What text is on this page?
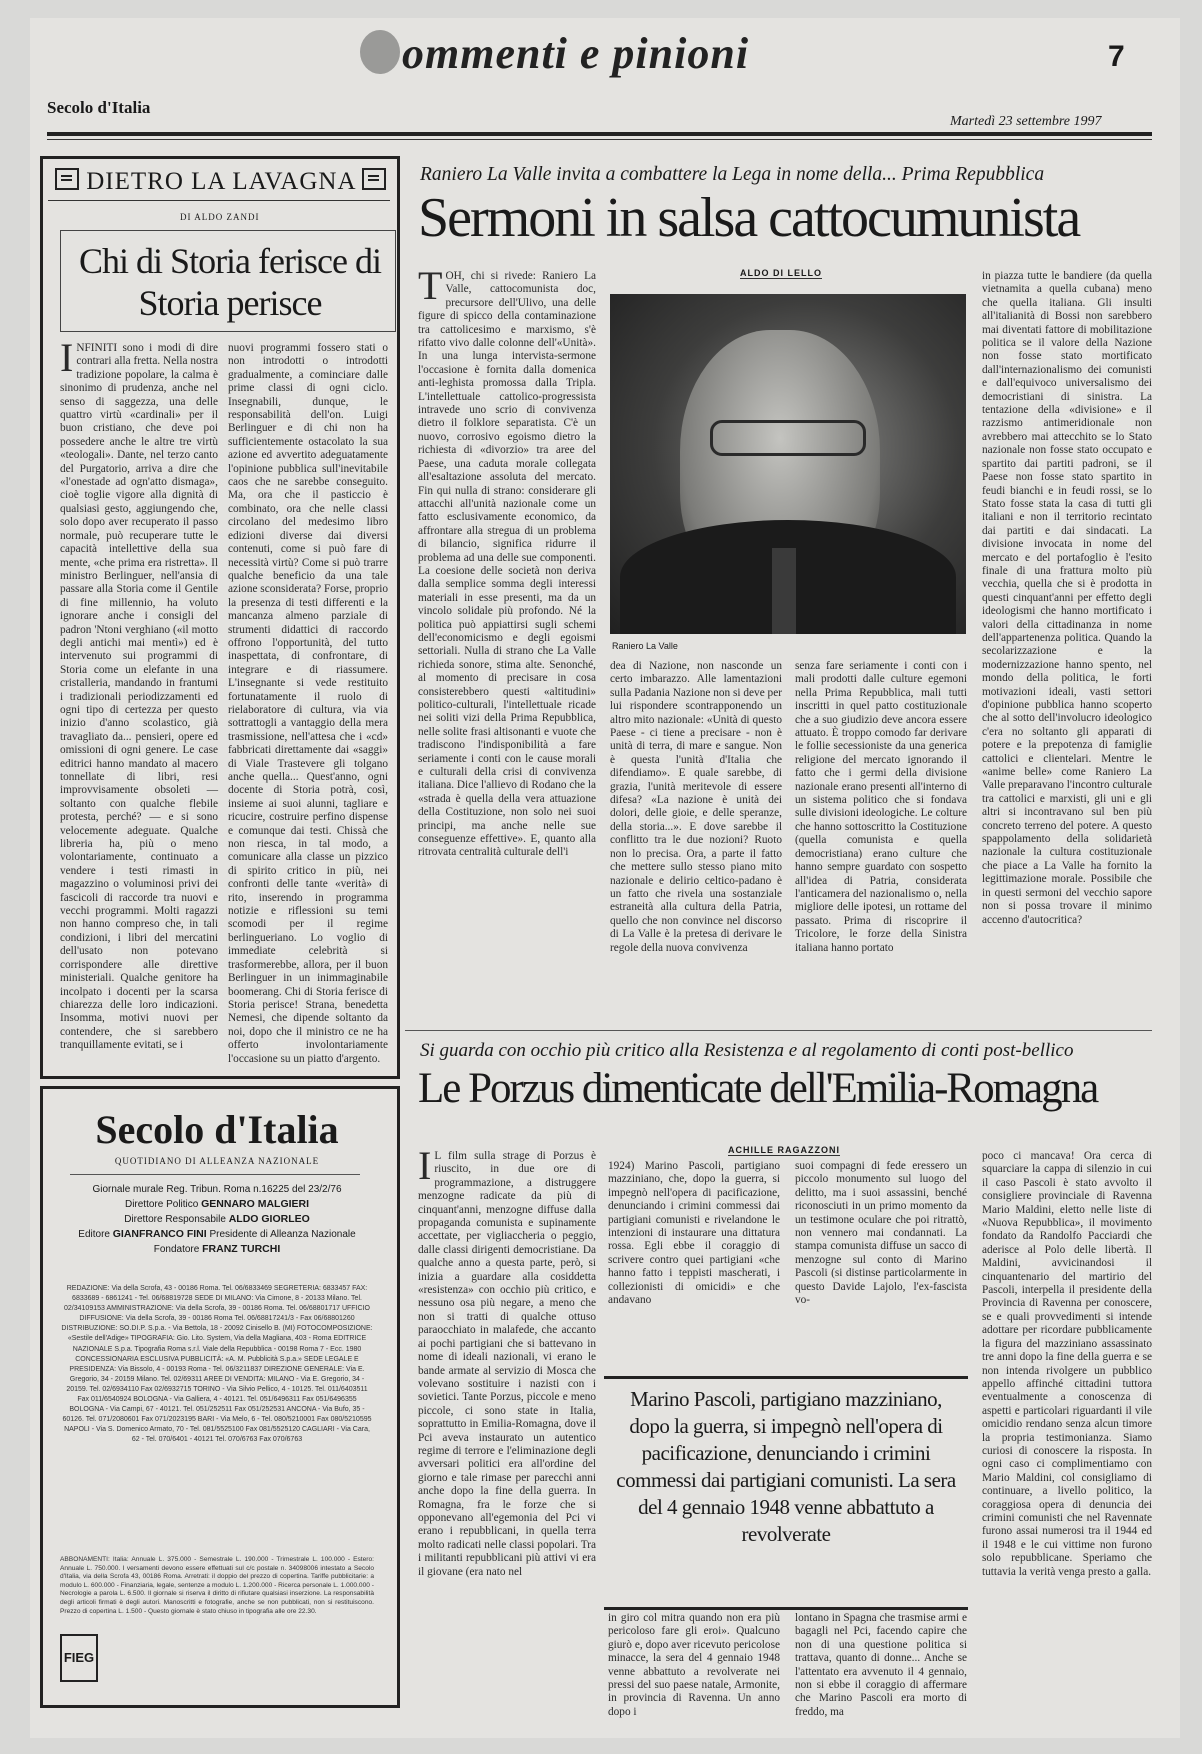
ommenti e pinioni	7
Secolo d'Italia
Martedì 23 settembre 1997
DIETRO LA LAVAGNA
DI ALDO ZANDI
Chi di Storia ferisce di Storia perisce
INFINITI sono i modi di dire contrari alla fretta. Nella nostra tradizione popolare, la calma è sinonimo di prudenza, anche nel senso di saggezza, una delle quattro virtù «cardinali» per il buon cristiano, che deve poi possedere anche le altre tre virtù «teologali». Dante, nel terzo canto del Purgatorio, arriva a dire che «l'onestade ad ogn'atto dismaga», cioè toglie vigore alla dignità di qualsiasi gesto, aggiungendo che, solo dopo aver recuperato il passo normale, può recuperare tutte le capacità intellettive della sua mente, «che prima era ristretta». Il ministro Berlinguer, nell'ansia di passare alla Storia come il Gentile di fine millennio, ha voluto ignorare anche i consigli del padron 'Ntoni verghiano («il motto degli antichi mai mentì») ed è intervenuto sui programmi di Storia come un elefante in una cristalleria, mandando in frantumi i tradizionali periodizzamenti ed ogni tipo di certezza per questo inizio d'anno scolastico, già travagliato da... pensieri, opere ed omissioni di ogni genere. Le case editrici hanno mandato al macero tonnellate di libri, resi improvvisamente obsoleti — soltanto con qualche flebile protesta, perché? — e si sono velocemente adeguate. Qualche libreria ha, più o meno volontariamente, continuato a vendere i testi rimasti in magazzino o voluminosi privi dei fascicoli di raccorde tra nuovi e vecchi programmi. Molti ragazzi non hanno compreso che, in tali condizioni, i libri del mercatini dell'usato non potevano corrispondere alle direttive ministeriali. Qualche genitore ha incolpato i docenti per la scarsa chiarezza delle loro indicazioni. Insomma, motivi nuovi per contendere, che si sarebbero tranquillamente evitati, se i
nuovi programmi fossero stati o non introdotti o introdotti gradualmente, a cominciare dalle prime classi di ogni ciclo. Insegnabili, dunque, le responsabilità dell'on. Luigi Berlinguer e di chi non ha sufficientemente ostacolato la sua azione ed avvertito adeguatamente l'opinione pubblica sull'inevitabile caos che ne sarebbe conseguito. Ma, ora che il pasticcio è combinato, ora che nelle classi circolano del medesimo libro edizioni diverse dai diversi contenuti, come si può fare di necessità virtù? Come si può trarre qualche beneficio da una tale azione sconsiderata? Forse, proprio la presenza di testi differenti e la mancanza almeno parziale di strumenti didattici di raccordo offrono l'opportunità, del tutto inaspettata, di confrontare, di integrare e di riassumere. L'insegnante si vede restituito fortunatamente il ruolo di rielaboratore di cultura, via via sottrattogli a vantaggio della mera trasmissione, nell'attesa che i «cd» fabbricati direttamente dai «saggi» di Viale Trastevere gli tolgano anche quella... Quest'anno, ogni docente di Storia potrà, così, insieme ai suoi alunni, tagliare e ricucire, costruire perfino dispense e comunque dai testi. Chissà che non riesca, in tal modo, a comunicare alla classe un pizzico di spirito critico in più, nei confronti delle tante «verità» di rito, inserendo in programma notizie e riflessioni su temi scomodi per il regime berlingueriano. Lo voglio di immediate celebrità si trasformerebbe, allora, per il buon Berlinguer in un inimmaginabile boomerang. Chi di Storia ferisce di Storia perisce! Strana, benedetta Nemesi, che dipende soltanto da noi, dopo che il ministro ce ne ha offerto involontariamente l'occasione su un piatto d'argento.
Secolo d'Italia
QUOTIDIANO DI ALLEANZA NAZIONALE
Giornale murale Reg. Tribun. Roma n.16225 del 23/2/76
Direttore Politico GENNARO MALGIERI
Direttore Responsabile ALDO GIORLEO
Editore GIANFRANCO FINI Presidente di Alleanza Nazionale
Fondatore FRANZ TURCHI
REDAZIONE: Via della Scrofa, 43 - 00186 Roma. Tel. 06/6833469 SEGRETERIA: 6833457 FAX: 6833689 - 6861241 - Tel. 06/68819728 SEDE DI MILANO: Via Cimone, 8 - 20133 Milano. Tel. 02/34109153 AMMINISTRAZIONE: Via della Scrofa, 39 - 00186 Roma. Tel. 06/68801717 UFFICIO DIFFUSIONE: Via della Scrofa, 39 - 00186 Roma Tel. 06/68817241/3 - Fax 06/68801260 DISTRIBUZIONE: SO.DI.P. S.p.a. - Via Bettola, 18 - 20092 Cinisello B. (MI) FOTOCOMPOSIZIONE: «Sestile dell'Adige» TIPOGRAFIA: Gio. Lito. System, Via della Magliana, 403 - Roma EDITRICE NAZIONALE S.p.a. Tipografia Roma s.r.l. Viale della Repubblica - 00198 Roma 7 - Ecc. 1980 CONCESSIONARIA ESCLUSIVA PUBBLICITÀ: «A. M. Pubblicità S.p.a.» SEDE LEGALE E PRESIDENZA: Via Bissolo, 4 - 00193 Roma - Tel. 06/3211837 DIREZIONE GENERALE: Via E. Gregorio, 34 - 20159 Milano. Tel. 02/69311 AREE DI VENDITA: MILANO - Via E. Gregorio, 34 - 20159. Tel. 02/6934110 Fax 02/6932715 TORINO - Via Silvio Pellico, 4 - 10125. Tel. 011/6403511 Fax 011/6540924 BOLOGNA - Via Galliera, 4 - 40121. Tel. 051/6496311 Fax 051/6496355 BOLOGNA - Via Campi, 67 - 40121. Tel. 051/252511 Fax 051/252531 ANCONA - Via Bufo, 35 - 60126. Tel. 071/2080601 Fax 071/2023195 BARI - Via Melo, 6 - Tel. 080/5210001 Fax 080/5210595 NAPOLI - Via S. Domenico Armato, 70 - Tel. 081/5525100 Fax 081/5525120 CAGLIARI - Via Cara, 62 - Tel. 070/6401 - 40121 Tel. 070/6763 Fax 070/6763
ABBONAMENTI: Italia: Annuale L. 375.000 - Semestrale L. 190.000 - Trimestrale L. 100.000 - Estero: Annuale L. 750.000. I versamenti devono essere effettuati sul c/c postale n. 34098006 intestato a Secolo d'Italia, via della Scrofa 43, 00186 Roma. Arretrati: il doppio del prezzo di copertina. Tariffe pubblicitarie: a modulo L. 600.000 - Finanziaria, legale, sentenze a modulo L. 1.200.000 - Ricerca personale L. 1.000.000 - Necrologie a parola L. 6.500. Il giornale si riserva il diritto di rifiutare qualsiasi inserzione. La responsabilità degli articoli firmati è degli autori. Manoscritti e fotografie, anche se non pubblicati, non si restituiscono. Prezzo di copertina L. 1.500 - Questo giornale è stato chiuso in tipografia alle ore 22.30.
FIEG
Raniero La Valle invita a combattere la Lega in nome della... Prima Repubblica
Sermoni in salsa cattocumunista
ALDO DI LELLO
Raniero La Valle
TOH, chi si rivede: Raniero La Valle, cattocomunista doc, precursore dell'Ulivo, una delle figure di spicco della contaminazione tra cattolicesimo e marxismo, s'è rifatto vivo dalle colonne dell'«Unità». In una lunga intervista-sermone l'occasione è fornita dalla domenica anti-leghista promossa dalla Tripla. L'intellettuale cattolico-progressista intravede uno scrio di convivenza dietro il folklore separatista. C'è un nuovo, corrosivo egoismo dietro la richiesta di «divorzio» tra aree del Paese, una caduta morale collegata all'esaltazione assoluta del mercato. Fin qui nulla di strano: considerare gli attacchi all'unità nazionale come un fatto esclusivamente economico, da affrontare alla stregua di un problema di bilancio, significa ridurre il problema ad una delle sue componenti. La coesione delle società non deriva dalla semplice somma degli interessi materiali in esse presenti, ma da un vincolo solidale più profondo. Né la politica può appiattirsi sugli schemi dell'economicismo e degli egoismi settoriali. Nulla di strano che La Valle richieda sonore, stima alte. Senonché, al momento di precisare in cosa consisterebbero questi «altitudini» politico-culturali, l'intellettuale ricade nei soliti vizi della Prima Repubblica, nelle solite frasi altisonanti e vuote che tradiscono l'indisponibilità a fare seriamente i conti con le cause morali e culturali della crisi di convivenza italiana. Dice l'allievo di Rodano che la «strada è quella della vera attuazione della Costituzione, non solo nei suoi principi, ma anche nelle sue conseguenze effettive». E, quanto alla ritrovata centralità culturale dell'i
dea di Nazione, non nasconde un certo imbarazzo. Alle lamentazioni sulla Padania Nazione non si deve per lui rispondere scontrapponendo un altro mito nazionale: «Unità di questo Paese - ci tiene a precisare - non è unità di terra, di mare e sangue. Non è questa l'unità d'Italia che difendiamo». E quale sarebbe, di grazia, l'unità meritevole di essere difesa? «La nazione è unità dei dolori, delle gioie, e delle speranze, della storia...». E dove sarebbe il conflitto tra le due nozioni? Ruoto non lo precisa. Ora, a parte il fatto che mettere sullo stesso piano mito nazionale e delirio celtico-padano è un fatto che rivela una sostanziale estraneità alla cultura della Patria, quello che non convince nel discorso di La Valle è la pretesa di derivare le regole della nuova convivenza
senza fare seriamente i conti con i mali prodotti dalle culture egemoni nella Prima Repubblica, mali tutti inscritti in quel patto costituzionale che a suo giudizio deve ancora essere attuato. È troppo comodo far derivare le follie secessioniste da una generica religione del mercato ignorando il fatto che i germi della divisione nazionale erano presenti all'interno di un sistema politico che si fondava sulle divisioni ideologiche. Le colture che hanno sottoscritto la Costituzione (quella comunista e quella democristiana) erano culture che hanno sempre guardato con sospetto all'idea di Patria, considerata l'anticamera del nazionalismo o, nella migliore delle ipotesi, un rottame del passato. Prima di riscoprire il Tricolore, le forze della Sinistra italiana hanno portato
in piazza tutte le bandiere (da quella vietnamita a quella cubana) meno che quella italiana. Gli insulti all'italianità di Bossi non sarebbero mai diventati fattore di mobilitazione politica se il valore della Nazione non fosse stato mortificato dall'internazionalismo dei comunisti e dall'equivoco universalismo dei democristiani di sinistra. La tentazione della «divisione» e il razzismo antimeridionale non avrebbero mai attecchito se lo Stato nazionale non fosse stato occupato e spartito dai partiti padroni, se il Paese non fosse stato spartito in feudi bianchi e in feudi rossi, se lo Stato fosse stata la casa di tutti gli italiani e non il territorio recintato dai partiti e dai sindacati. La divisione invocata in nome del mercato e del portafoglio è l'esito finale di una frattura molto più vecchia, quella che si è prodotta in questi cinquant'anni per effetto degli ideologismi che hanno mortificato i valori della cittadinanza in nome dell'appartenenza politica. Quando la secolarizzazione e la modernizzazione hanno spento, nel mondo della politica, le forti motivazioni ideali, vasti settori d'opinione pubblica hanno scoperto che al sotto dell'involucro ideologico c'era no soltanto gli apparati di potere e la prepotenza di famiglie cattolici e clientelari. Mentre le «anime belle» come Raniero La Valle preparavano l'incontro culturale tra cattolici e marxisti, gli uni e gli altri si incontravano sul ben più concreto terreno del potere. A questo spappolamento della solidarietà nazionale la cultura costituzionale che piace a La Valle ha fornito la legittimazione morale. Possibile che in questi sermoni del vecchio sapore non si possa trovare il minimo accenno d'autocritica?
Si guarda con occhio più critico alla Resistenza e al regolamento di conti post-bellico
Le Porzus dimenticate dell'Emilia-Romagna
ACHILLE RAGAZZONI
I L film sulla strage di Porzus è riuscito, in due ore di programmazione, a distruggere menzogne radicate da più di cinquant'anni, menzogne diffuse dalla propaganda comunista e supinamente accettate, per vigliaccheria o peggio, dalle classi dirigenti democristiane. Da qualche anno a questa parte, però, si inizia a guardare alla cosiddetta «resistenza» con occhio più critico, e nessuno osa più negare, a meno che non si tratti di qualche ottuso paraocchiato in malafede, che accanto ai pochi partigiani che si battevano in nome di ideali nazionali, vi erano le bande armate al servizio di Mosca che volevano sostituire i nazisti con i sovietici. Tante Porzus, piccole e meno piccole, ci sono state in Italia, soprattutto in Emilia-Romagna, dove il Pci aveva instaurato un autentico regime di terrore e l'eliminazione degli avversari politici era all'ordine del giorno e tale rimase per parecchi anni anche dopo la fine della guerra. In Romagna, fra le forze che si opponevano all'egemonia del Pci vi erano i repubblicani, in quella terra molto radicati nelle classi popolari. Tra i militanti repubblicani più attivi vi era il giovane (era nato nel
1924) Marino Pascoli, partigiano mazziniano, che, dopo la guerra, si impegnò nell'opera di pacificazione, denunciando i crimini commessi dai partigiani comunisti e rivelandone le intenzioni di instaurare una dittatura rossa. Egli ebbe il coraggio di scrivere contro quei partigiani «che hanno fatto i teppisti mascherati, i collezionisti di omicidi» e che andavano
suoi compagni di fede eressero un piccolo monumento sul luogo del delitto, ma i suoi assassini, benché riconosciuti in un primo momento da un testimone oculare che poi ritrattò, non vennero mai condannati. La stampa comunista diffuse un sacco di menzogne sul conto di Marino Pascoli (si distinse particolarmente in questo Davide Lajolo, l'ex-fascista vo-
poco ci mancava! Ora cerca di squarciare la cappa di silenzio in cui il caso Pascoli è stato avvolto il consigliere provinciale di Ravenna Mario Maldini, eletto nelle liste di «Nuova Repubblica», il movimento fondato da Randolfo Pacciardi che aderisce al Polo delle libertà. Il Maldini, avvicinandosi il cinquantenario del martirio del Pascoli, interpella il presidente della Provincia di Ravenna per conoscere, se e quali provvedimenti si intende adottare per ricordare pubblicamente la figura del mazziniano assassinato tre anni dopo la fine della guerra e se non intenda rivolgere un pubblico appello affinché cittadini tuttora eventualmente a conoscenza di aspetti e particolari riguardanti il vile omicidio rendano senza alcun timore la propria testimonianza. Siamo curiosi di conoscere la risposta. In ogni caso ci complimentiamo con Mario Maldini, col consigliamo di continuare, a livello politico, la coraggiosa opera di denuncia dei crimini comunisti che nel Ravennate furono assai numerosi tra il 1944 ed il 1948 e le cui vittime non furono solo repubblicane. Speriamo che tuttavia la verità venga presto a galla.
Marino Pascoli, partigiano mazziniano, dopo la guerra, si impegnò nell'opera di pacificazione, denunciando i crimini commessi dai partigiani comunisti. La sera del 4 gennaio 1948 venne abbattuto a revolverate
in giro col mitra quando non era più pericoloso fare gli eroi». Qualcuno giurò e, dopo aver ricevuto pericolose minacce, la sera del 4 gennaio 1948 venne abbattuto a revolverate nei pressi del suo paese natale, Armonite, in provincia di Ravenna. Un anno dopo i
lontano in Spagna che trasmise armi e bagagli nel Pci, facendo capire che non di una questione politica si trattava, quanto di donne... Anche se l'attentato era avvenuto il 4 gennaio, non si ebbe il coraggio di affermare che Marino Pascoli era morto di freddo, ma
